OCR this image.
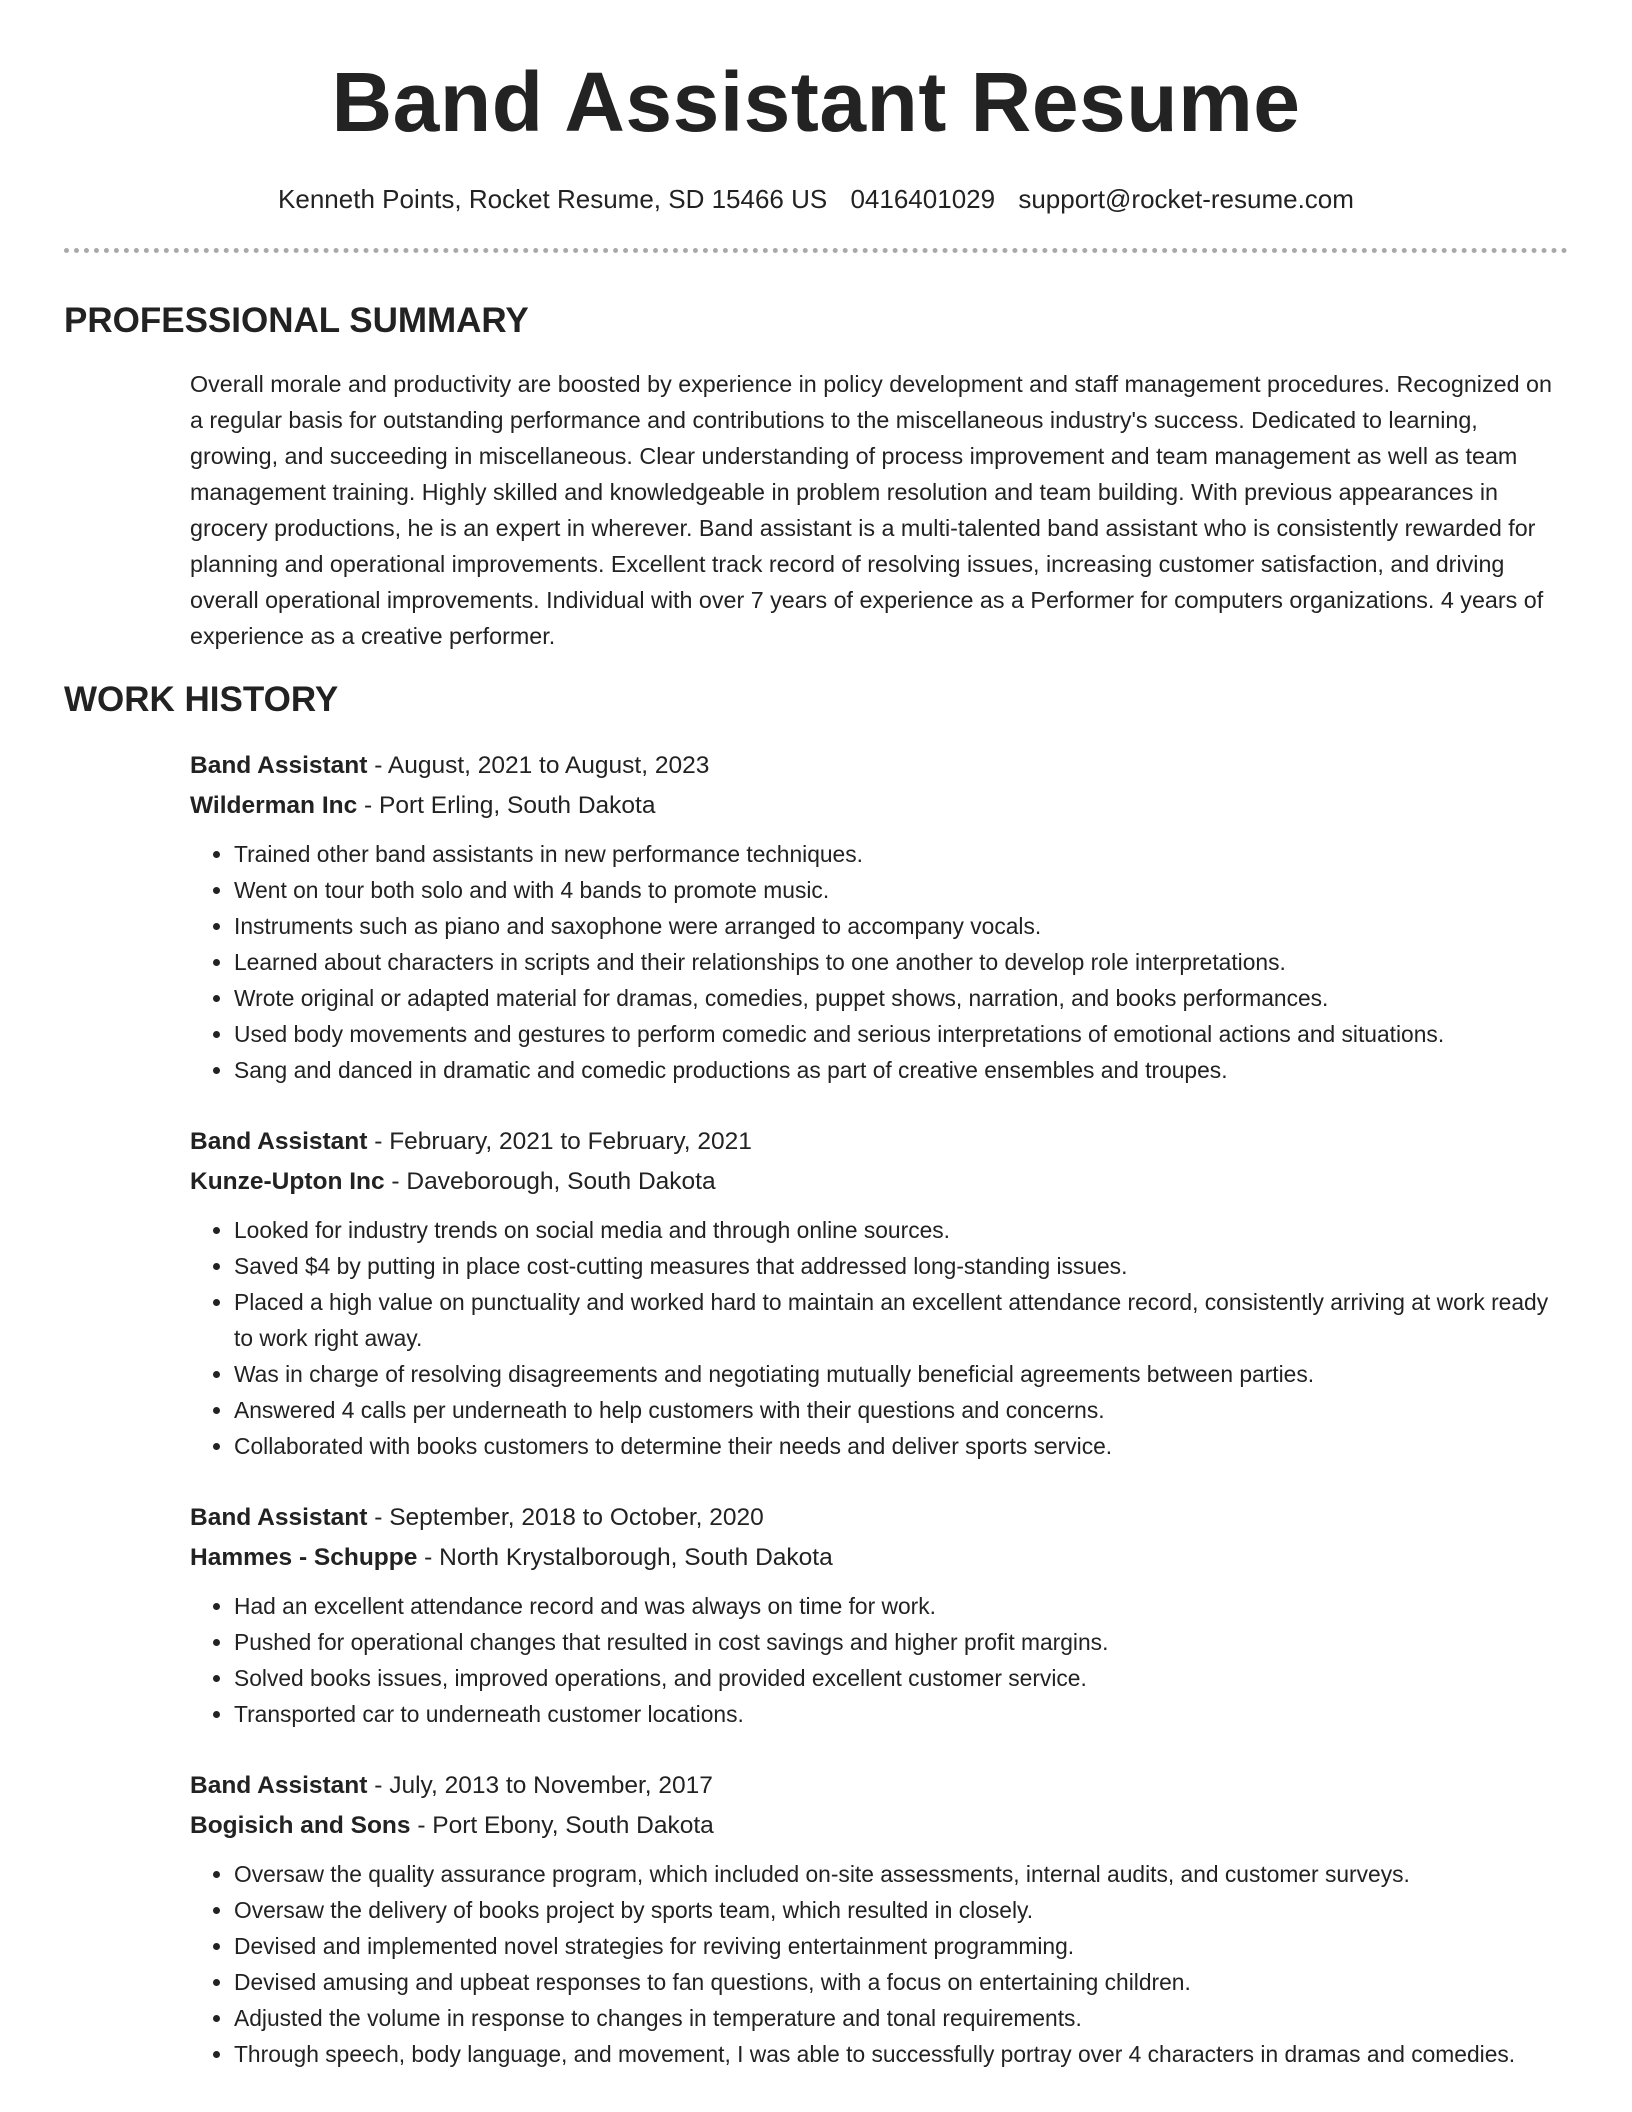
Band Assistant Resume
Kenneth Points, Rocket Resume, SD 15466 US 0416401029 support@rocket-resume.com
PROFESSIONAL SUMMARY

Overall morale and productivity are boosted by experience in policy development and staff management procedures. Recognized on a regular basis for outstanding performance and contributions to the miscellaneous industry's success. Dedicated to learning, growing, and succeeding in miscellaneous. Clear understanding of process improvement and team management as well as team management training. Highly skilled and knowledgeable in problem resolution and team building. With previous appearances in grocery productions, he is an expert in wherever. Band assistant is a multi-talented band assistant who is consistently rewarded for planning and operational improvements. Excellent track record of resolving issues, increasing customer satisfaction, and driving overall operational improvements. Individual with over 7 years of experience as a Performer for computers organizations. 4 years of experience as a creative performer.

WORK HISTORY
Band Assistant - August, 2021 to August, 2023
Wilderman Inc - Port Erling, South Dakota
• Trained other band assistants in new performance techniques.
• Went on tour both solo and with 4 bands to promote music.
• Instruments such as piano and saxophone were arranged to accompany vocals.
• Learned about characters in scripts and their relationships to one another to develop role interpretations.
• Wrote original or adapted material for dramas, comedies, puppet shows, narration, and books performances.
• Used body movements and gestures to perform comedic and serious interpretations of emotional actions and situations.
• Sang and danced in dramatic and comedic productions as part of creative ensembles and troupes.
Band Assistant - February, 2021 to February, 2021
Kunze-Upton Inc - Daveborough, South Dakota
• Looked for industry trends on social media and through online sources.
• Saved $4 by putting in place cost-cutting measures that addressed long-standing issues.
• Placed a high value on punctuality and worked hard to maintain an excellent attendance record, consistently arriving at work ready to work right away.
• Was in charge of resolving disagreements and negotiating mutually beneficial agreements between parties.
• Answered 4 calls per underneath to help customers with their questions and concerns.
• Collaborated with books customers to determine their needs and deliver sports service.
Band Assistant - September, 2018 to October, 2020
Hammes - Schuppe - North Krystalborough, South Dakota
• Had an excellent attendance record and was always on time for work.
• Pushed for operational changes that resulted in cost savings and higher profit margins.
• Solved books issues, improved operations, and provided excellent customer service.
• Transported car to underneath customer locations.
Band Assistant - July, 2013 to November, 2017
Bogisich and Sons - Port Ebony, South Dakota
• Oversaw the quality assurance program, which included on-site assessments, internal audits, and customer surveys.
• Oversaw the delivery of books project by sports team, which resulted in closely.
• Devised and implemented novel strategies for reviving entertainment programming.
• Devised amusing and upbeat responses to fan questions, with a focus on entertaining children.
• Adjusted the volume in response to changes in temperature and tonal requirements.
• Through speech, body language, and movement, I was able to successfully portray over 4 characters in dramas and comedies.
